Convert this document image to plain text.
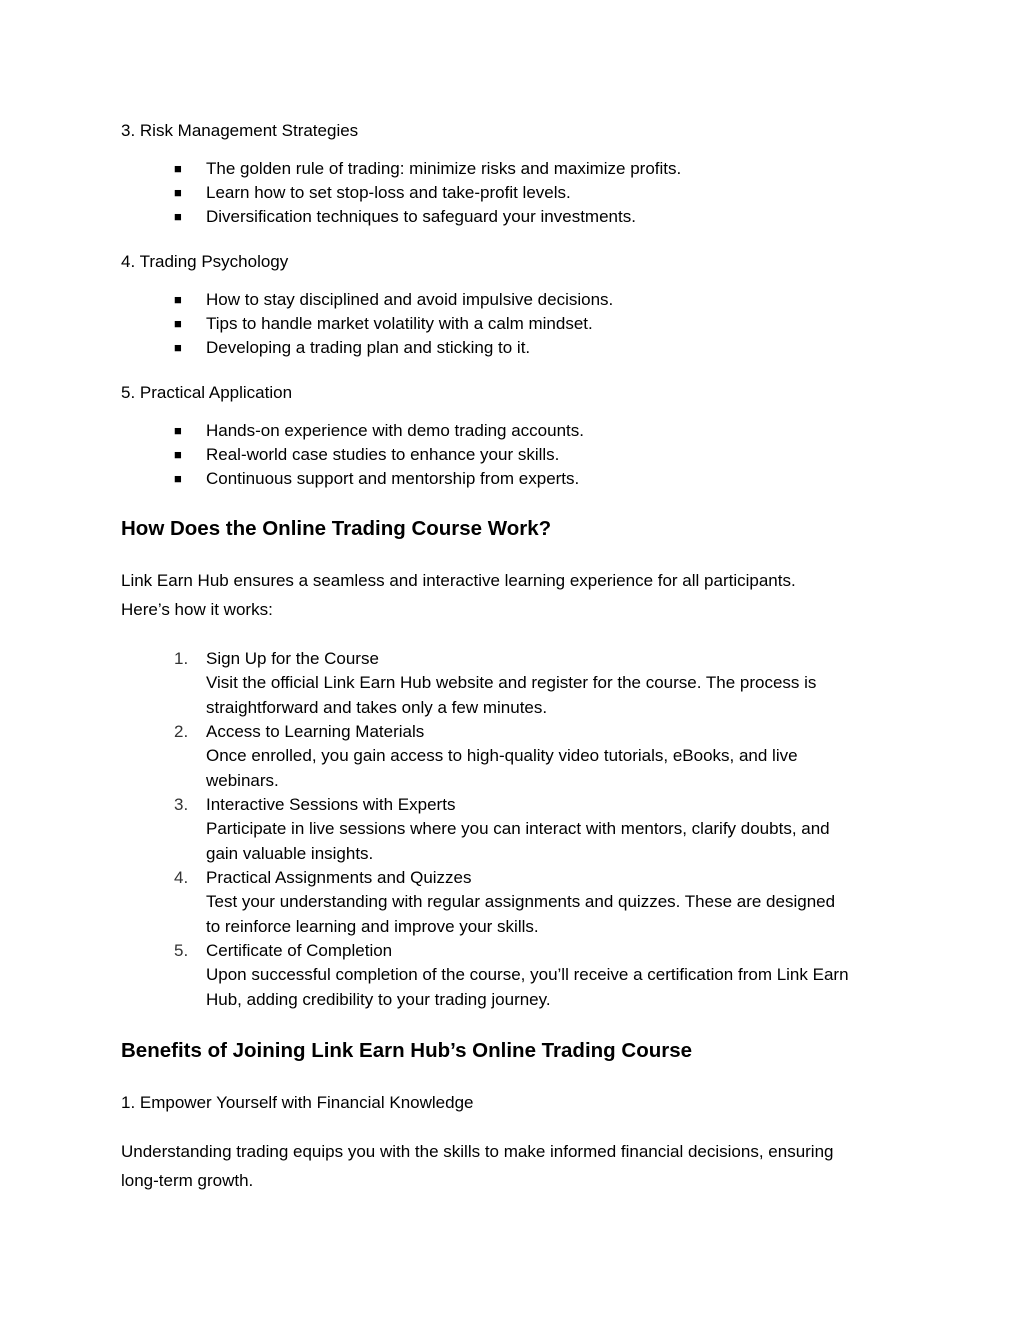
3. Risk Management Strategies

■ The golden rule of trading: minimize risks and maximize profits.
■ Learn how to set stop-loss and take-profit levels.
■ Diversification techniques to safeguard your investments.

4. Trading Psychology

■ How to stay disciplined and avoid impulsive decisions.
■ Tips to handle market volatility with a calm mindset.
■ Developing a trading plan and sticking to it.

5. Practical Application

■ Hands-on experience with demo trading accounts.
■ Real-world case studies to enhance your skills.
■ Continuous support and mentorship from experts.
How Does the Online Trading Course Work?
Link Earn Hub ensures a seamless and interactive learning experience for all participants.
Here’s how it works:
1.	Sign Up for the Course
Visit the official Link Earn Hub website and register for the course. The process is
straightforward and takes only a few minutes.
2.	Access to Learning Materials
Once enrolled, you gain access to high-quality video tutorials, eBooks, and live
webinars.
3.	Interactive Sessions with Experts
Participate in live sessions where you can interact with mentors, clarify doubts, and
gain valuable insights.
4.	Practical Assignments and Quizzes
Test your understanding with regular assignments and quizzes. These are designed
to reinforce learning and improve your skills.
5.	Certificate of Completion
Upon successful completion of the course, you’ll receive a certification from Link Earn
Hub, adding credibility to your trading journey.
Benefits of Joining Link Earn Hub’s Online Trading Course

1. Empower Yourself with Financial Knowledge

Understanding trading equips you with the skills to make informed financial decisions, ensuring
long-term growth.
